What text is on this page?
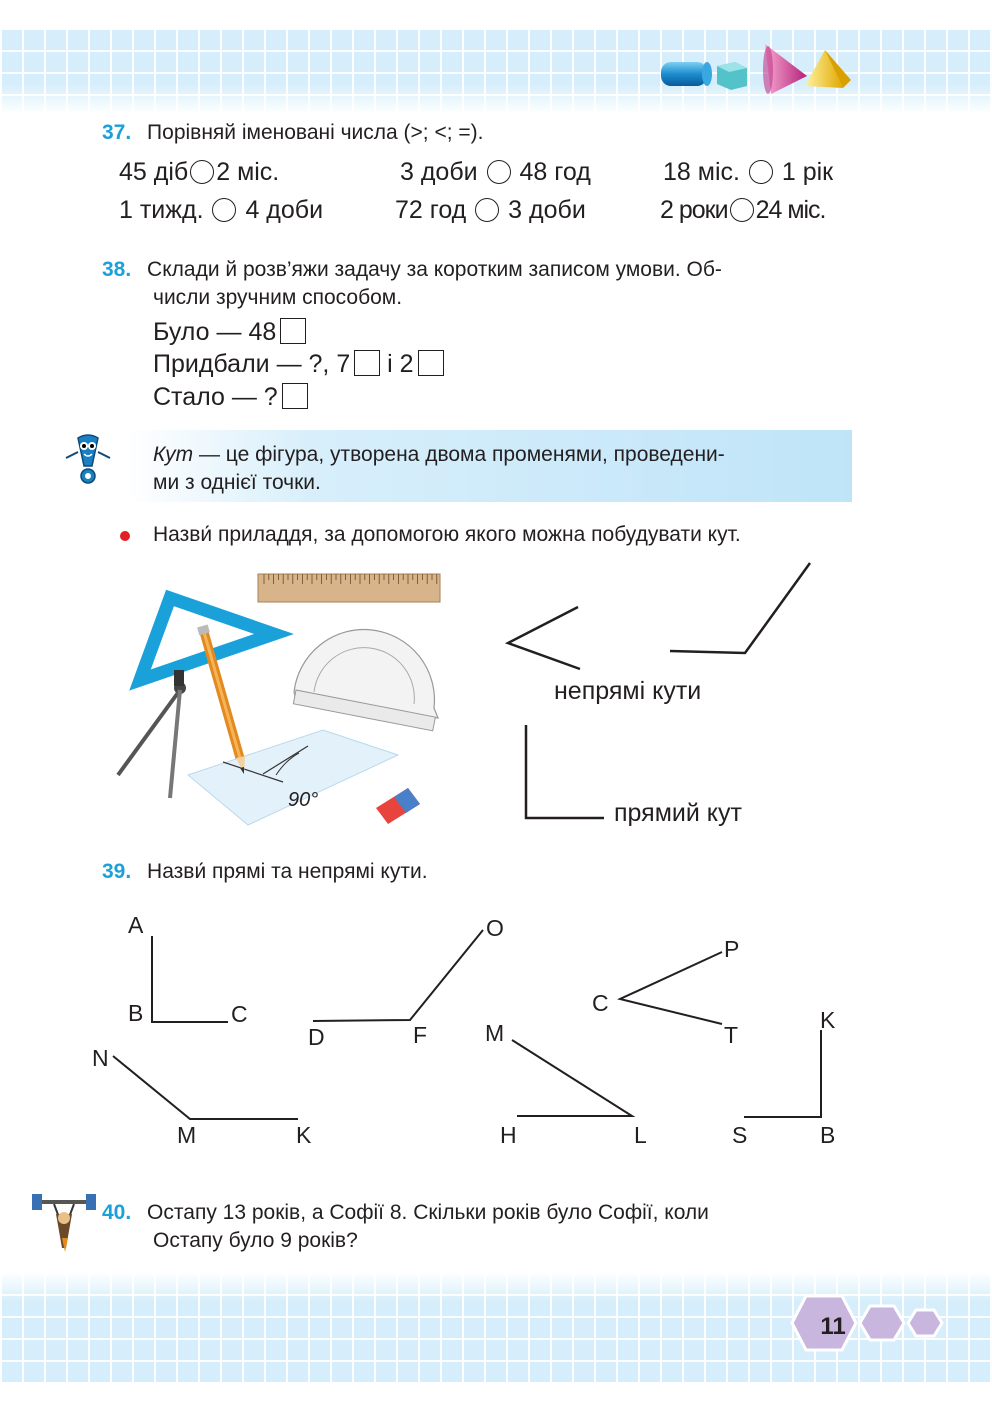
37. Порівняй іменовані числа (>; <; =).
45 діб 2 міс.	3 доби 48 год	18 міс. 1 рік
1 тижд. 4 доби	72 год 3 доби	2 роки 24 міс.
38. Склади й розв’яжи задачу за коротким записом умови. Об-
числи зручним способом.
Було — 48
Придбали — ?, 7 і 2
Стало — ?
Кут — це фігура, утворена двома променями, проведени-
ми з однієї точки.
Назви́ приладдя, за допомогою якого можна побудувати кут.
90°
непрямі кути
прямий кут
39. Назви́ прямі та непрямі кути.
A
B	C
O
D	F
P
C
T
K
N
M	K
M
H	L	S	B
40. Остапу 13 років, а Софії 8. Скільки років було Софії, коли
Остапу було 9 років?
11
